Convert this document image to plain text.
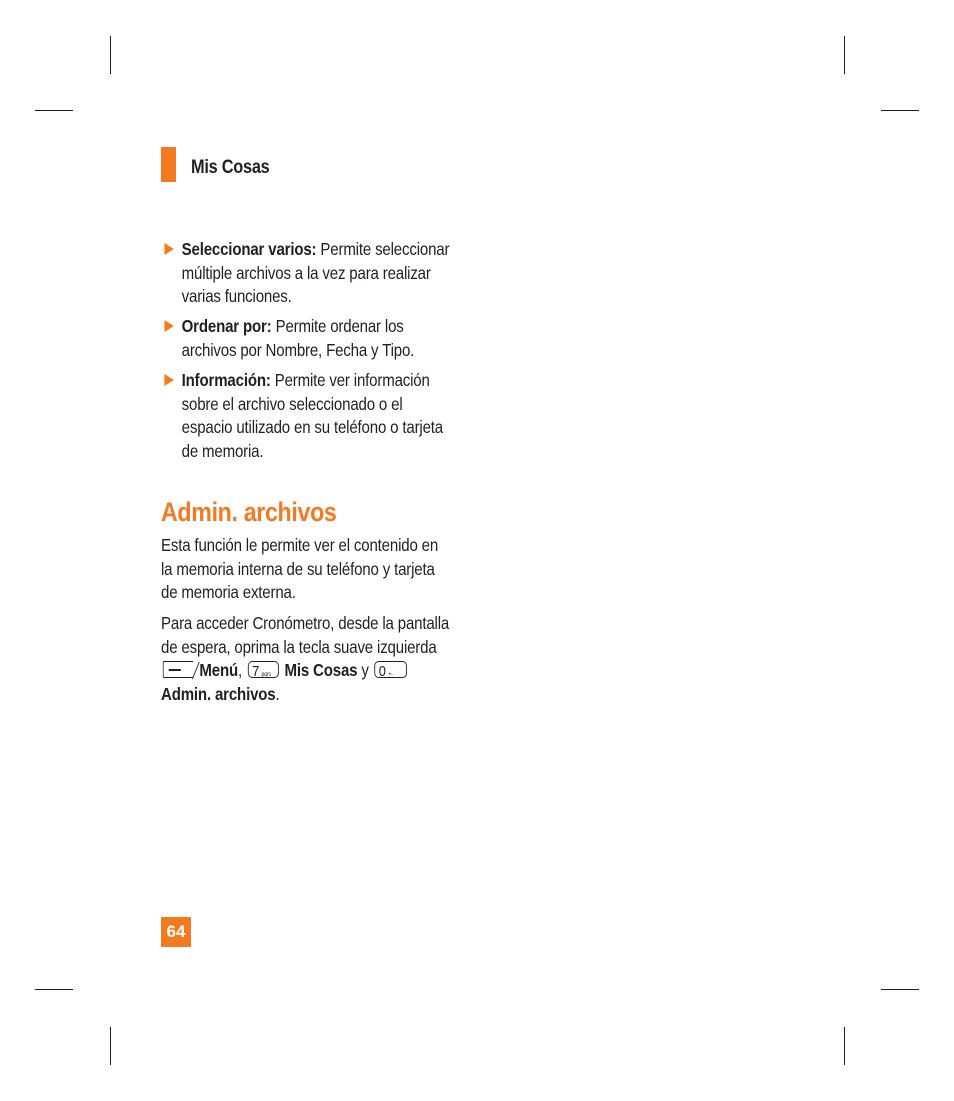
Mis Cosas
Seleccionar varios: Permite seleccionar múltiple archivos a la vez para realizar varias funciones.
Ordenar por: Permite ordenar los archivos por Nombre, Fecha y Tipo.
Información: Permite ver información sobre el archivo seleccionado o el espacio utilizado en su teléfono o tarjeta de memoria.
Admin. archivos
Esta función le permite ver el contenido en la memoria interna de su teléfono y tarjeta de memoria externa.
Para acceder Cronómetro, desde la pantalla de espera, oprima la tecla suave izquierda
Menú, 7 pqrs Mis Cosas y 0 +-
Admin. archivos.
64
